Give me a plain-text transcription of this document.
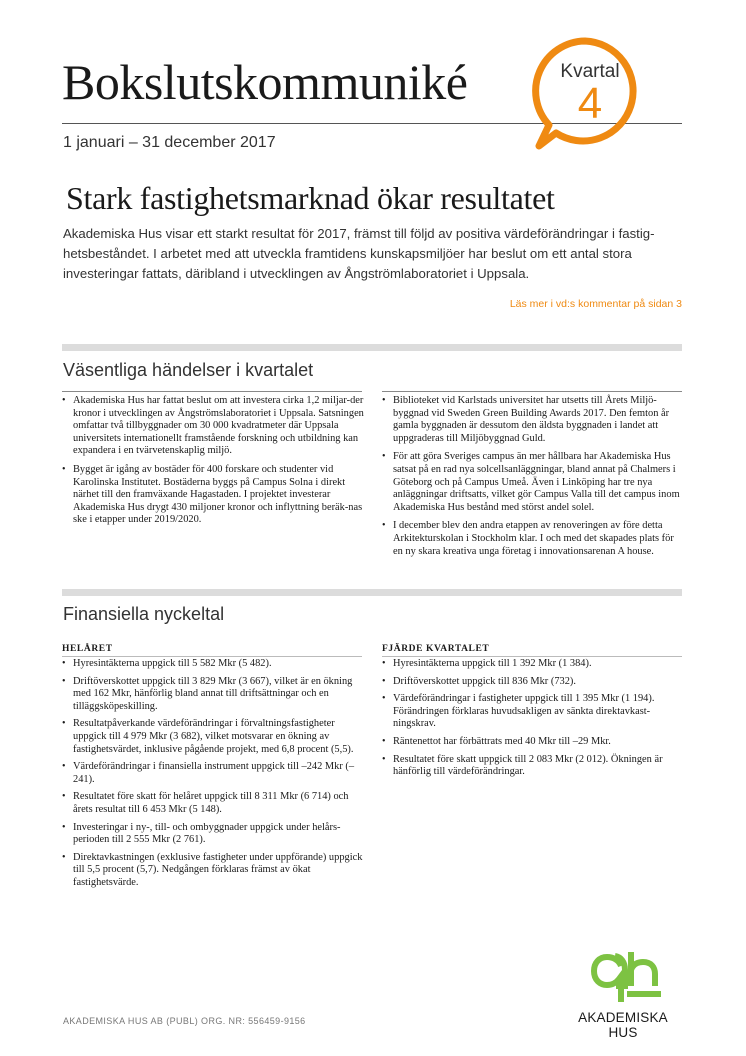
Bokslutskommuniké
1 januari – 31 december 2017
Kvartal
4
Stark fastighetsmarknad ökar resultatet

Akademiska Hus visar ett starkt resultat för 2017, främst till följd av positiva värdeförändringar i fastig-hetsbeståndet. I arbetet med att utveckla framtidens kunskapsmiljöer har beslut om ett antal stora investeringar fattats, däribland i utvecklingen av Ångströmlaboratoriet i Uppsala.

Läs mer i vd:s kommentar på sidan 3
Väsentliga händelser i kvartalet
• Akademiska Hus har fattat beslut om att investera cirka 1,2 miljar-der kronor i utvecklingen av Ångströmslaboratoriet i Uppsala. Satsningen omfattar två tillbyggnader om 30 000 kvadratmeter där Uppsala universitets internationellt framstående forskning och utbildning kan expandera i en tvärvetenskaplig miljö.
• Bygget är igång av bostäder för 400 forskare och studenter vid Karolinska Institutet. Bostäderna byggs på Campus Solna i direkt närhet till den framväxande Hagastaden. I projektet investerar Akademiska Hus drygt 430 miljoner kronor och inflyttning beräk-nas ske i etapper under 2019/2020.
• Biblioteket vid Karlstads universitet har utsetts till Årets Miljö-byggnad vid Sweden Green Building Awards 2017. Den femton år gamla byggnaden är dessutom den äldsta byggnaden i landet att uppgraderas till Miljöbyggnad Guld.
• För att göra Sveriges campus än mer hållbara har Akademiska Hus satsat på en rad nya solcellsanläggningar, bland annat på Chalmers i Göteborg och på Campus Umeå. Även i Linköping har tre nya anläggningar driftsatts, vilket gör Campus Valla till det campus inom Akademiska Hus bestånd med störst andel solel.
• I december blev den andra etappen av renoveringen av före detta Arkitekturskolan i Stockholm klar. I och med det skapades plats för en ny skara kreativa unga företag i innovationsarenan A house.
Finansiella nyckeltal
HELÅRET
• Hyresintäkterna uppgick till 5 582 Mkr (5 482).
• Driftöverskottet uppgick till 3 829 Mkr (3 667), vilket är en ökning med 162 Mkr, hänförlig bland annat till driftsättningar och en tilläggsköpeskilling.
• Resultatpåverkande värdeförändringar i förvaltningsfastigheter uppgick till 4 979 Mkr (3 682), vilket motsvarar en ökning av fastighetsvärdet, inklusive pågående projekt, med 6,8 procent (5,5).
• Värdeförändringar i finansiella instrument uppgick till –242 Mkr (–241).
• Resultatet före skatt för helåret uppgick till 8 311 Mkr (6 714) och årets resultat till 6 453 Mkr (5 148).
• Investeringar i ny-, till- och ombyggnader uppgick under helårs-perioden till 2 555 Mkr (2 761).
• Direktavkastningen (exklusive fastigheter under uppförande) uppgick till 5,5 procent (5,7). Nedgången förklaras främst av ökat fastighetsvärde.
FJÄRDE KVARTALET
• Hyresintäkterna uppgick till 1 392 Mkr (1 384).
• Driftöverskottet uppgick till 836 Mkr (732).
• Värdeförändringar i fastigheter uppgick till 1 395 Mkr (1 194). Förändringen förklaras huvudsakligen av sänkta direktavkast-ningskrav.
• Räntenettot har förbättrats med 40 Mkr till –29 Mkr.
• Resultatet före skatt uppgick till 2 083 Mkr (2 012). Ökningen är hänförlig till värdeförändringar.
AKADEMISKA HUS AB (PUBL) ORG. NR: 556459-9156	AKADEMISKA HUS
